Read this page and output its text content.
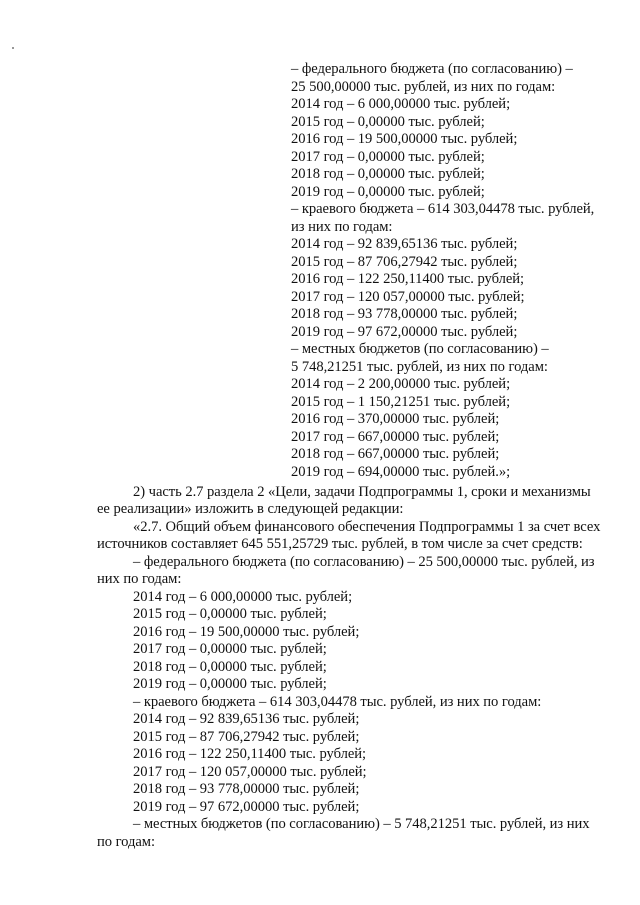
– федерального бюджета (по согласованию) –
25 500,00000 тыс. рублей, из них по годам:
2014 год – 6 000,00000 тыс. рублей;
2015 год – 0,00000 тыс. рублей;
2016 год – 19 500,00000 тыс. рублей;
2017 год – 0,00000 тыс. рублей;
2018 год – 0,00000 тыс. рублей;
2019 год – 0,00000 тыс. рублей;
– краевого бюджета – 614 303,04478 тыс. рублей,
из них по годам:
2014 год – 92 839,65136 тыс. рублей;
2015 год – 87 706,27942 тыс. рублей;
2016 год – 122 250,11400 тыс. рублей;
2017 год – 120 057,00000 тыс. рублей;
2018 год – 93 778,00000 тыс. рублей;
2019 год – 97 672,00000 тыс. рублей;
– местных бюджетов (по согласованию) –
5 748,21251 тыс. рублей, из них по годам:
2014 год – 2 200,00000 тыс. рублей;
2015 год – 1 150,21251 тыс. рублей;
2016 год – 370,00000 тыс. рублей;
2017 год – 667,00000 тыс. рублей;
2018 год – 667,00000 тыс. рублей;
2019 год – 694,00000 тыс. рублей.»;
2) часть 2.7 раздела 2 «Цели, задачи Подпрограммы 1, сроки и механизмы
ее реализации» изложить в следующей редакции:
«2.7. Общий объем финансового обеспечения Подпрограммы 1 за счет всех
источников составляет 645 551,25729 тыс. рублей, в том числе за счет средств:
– федерального бюджета (по согласованию) – 25 500,00000 тыс. рублей, из
них по годам:
2014 год – 6 000,00000 тыс. рублей;
2015 год – 0,00000 тыс. рублей;
2016 год – 19 500,00000 тыс. рублей;
2017 год – 0,00000 тыс. рублей;
2018 год – 0,00000 тыс. рублей;
2019 год – 0,00000 тыс. рублей;
– краевого бюджета – 614 303,04478 тыс. рублей, из них по годам:
2014 год – 92 839,65136 тыс. рублей;
2015 год – 87 706,27942 тыс. рублей;
2016 год – 122 250,11400 тыс. рублей;
2017 год – 120 057,00000 тыс. рублей;
2018 год – 93 778,00000 тыс. рублей;
2019 год – 97 672,00000 тыс. рублей;
– местных бюджетов (по согласованию) – 5 748,21251 тыс. рублей, из них
по годам:
